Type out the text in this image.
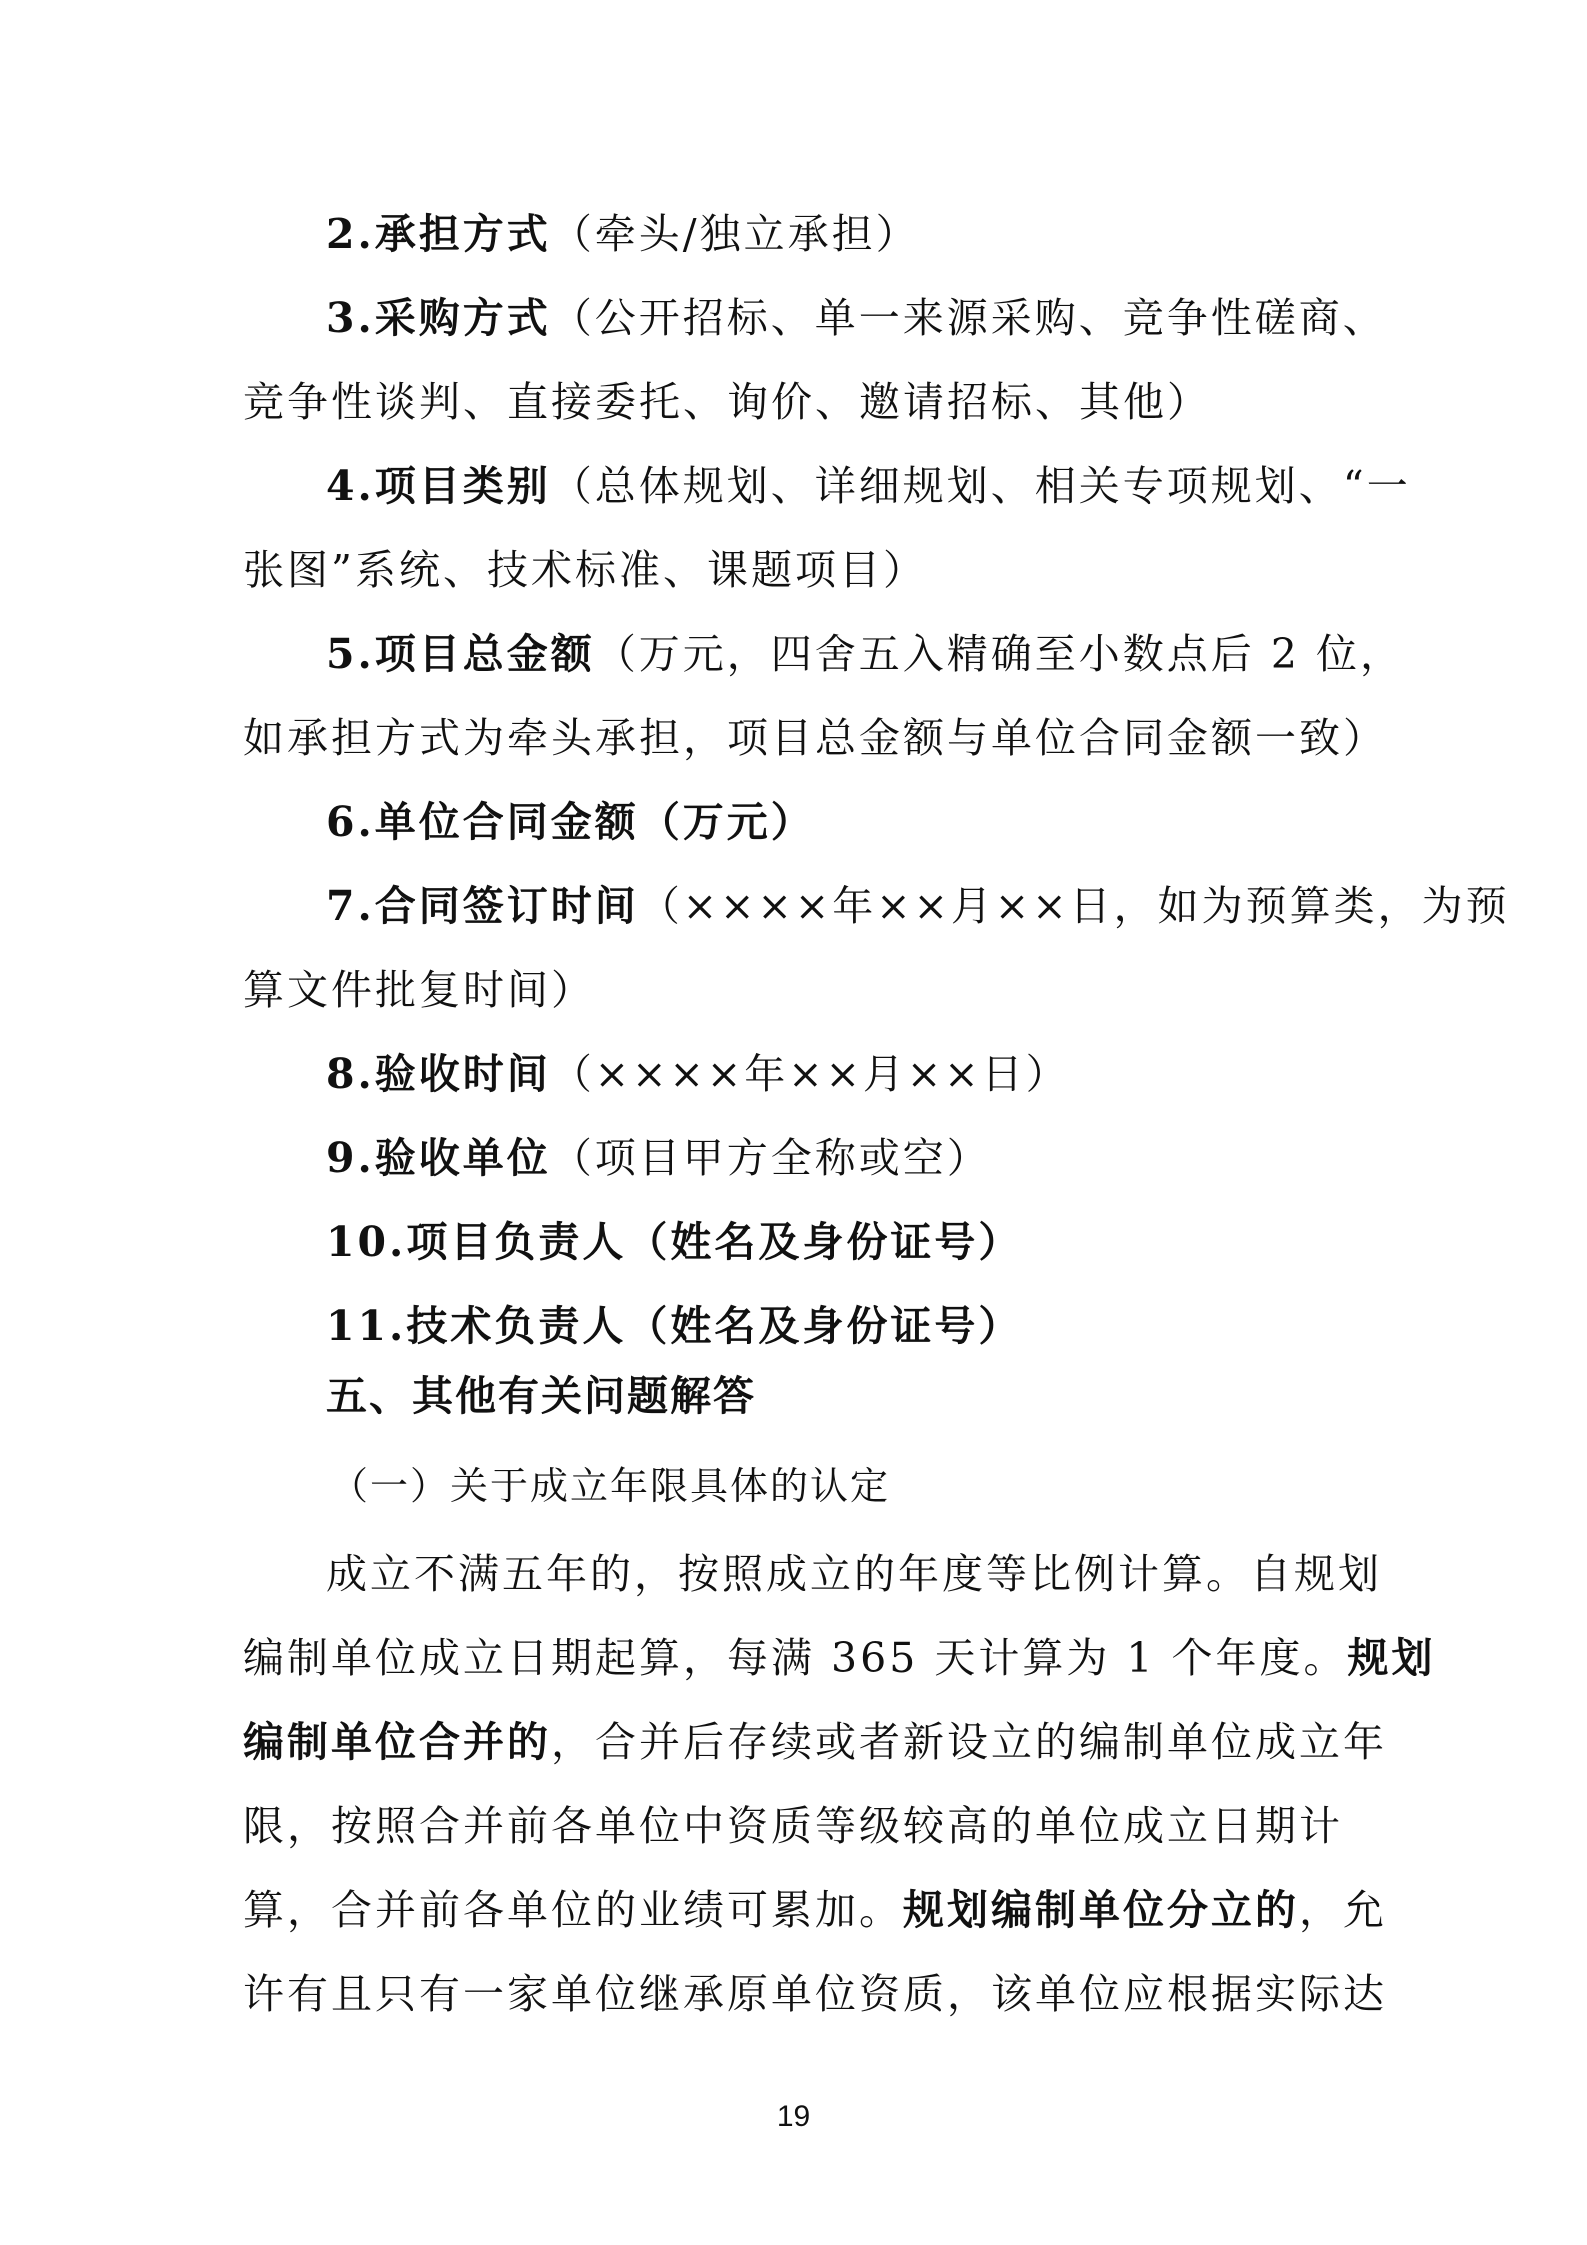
2.承担方式（牵头/独立承担）
3.采购方式（公开招标、单一来源采购、竞争性磋商、
竞争性谈判、直接委托、询价、邀请招标、其他）
4.项目类别（总体规划、详细规划、相关专项规划、“一
张图”系统、技术标准、课题项目）
5.项目总金额（万元，四舍五入精确至小数点后 2 位，
如承担方式为牵头承担，项目总金额与单位合同金额一致）
6.单位合同金额（万元）
7.合同签订时间（××××年××月××日，如为预算类，为预
算文件批复时间）
8.验收时间（××××年××月××日）
9.验收单位（项目甲方全称或空）
10.项目负责人（姓名及身份证号）
11.技术负责人（姓名及身份证号）
五、其他有关问题解答
（一）关于成立年限具体的认定
成立不满五年的，按照成立的年度等比例计算。自规划
编制单位成立日期起算，每满 365 天计算为 1 个年度。规划
编制单位合并的，合并后存续或者新设立的编制单位成立年
限，按照合并前各单位中资质等级较高的单位成立日期计
算，合并前各单位的业绩可累加。规划编制单位分立的，允
许有且只有一家单位继承原单位资质，该单位应根据实际达
19
